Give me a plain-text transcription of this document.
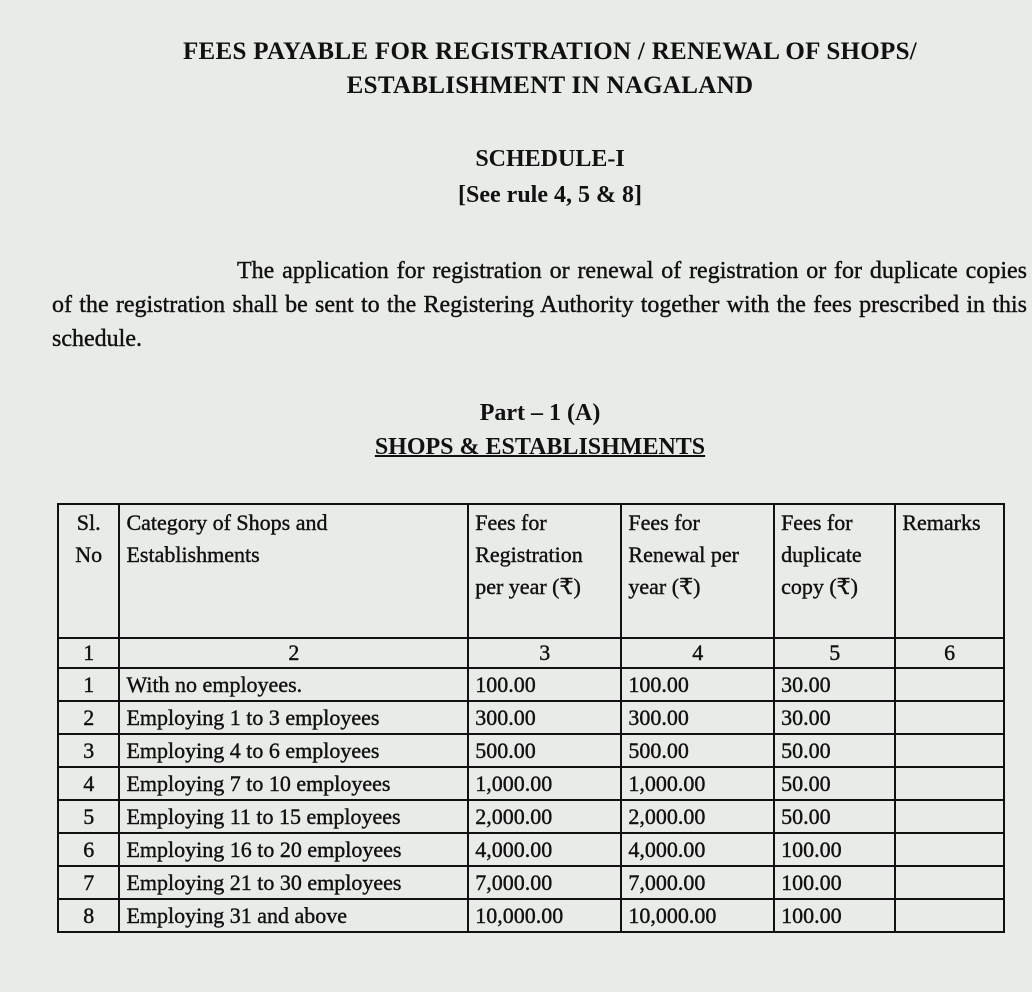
FEES PAYABLE FOR REGISTRATION / RENEWAL OF SHOPS/
ESTABLISHMENT IN NAGALAND
SCHEDULE-I
[See rule 4, 5 & 8]
The application for registration or renewal of registration or for duplicate copies of the registration shall be sent to the Registering Authority together with the fees prescribed in this schedule.
Part – 1 (A)
SHOPS & ESTABLISHMENTS
Sl. No	Category of Shops and Establishments	Fees for Registration per year (₹)	Fees for Renewal per year (₹)	Fees for duplicate copy (₹)	Remarks
1	2	3	4	5	6
1	With no employees.	100.00	100.00	30.00	
2	Employing 1 to 3 employees	300.00	300.00	30.00	
3	Employing 4 to 6 employees	500.00	500.00	50.00	
4	Employing 7 to 10 employees	1,000.00	1,000.00	50.00	
5	Employing 11 to 15 employees	2,000.00	2,000.00	50.00	
6	Employing 16 to 20 employees	4,000.00	4,000.00	100.00	
7	Employing 21 to 30 employees	7,000.00	7,000.00	100.00	
8	Employing 31 and above	10,000.00	10,000.00	100.00	
